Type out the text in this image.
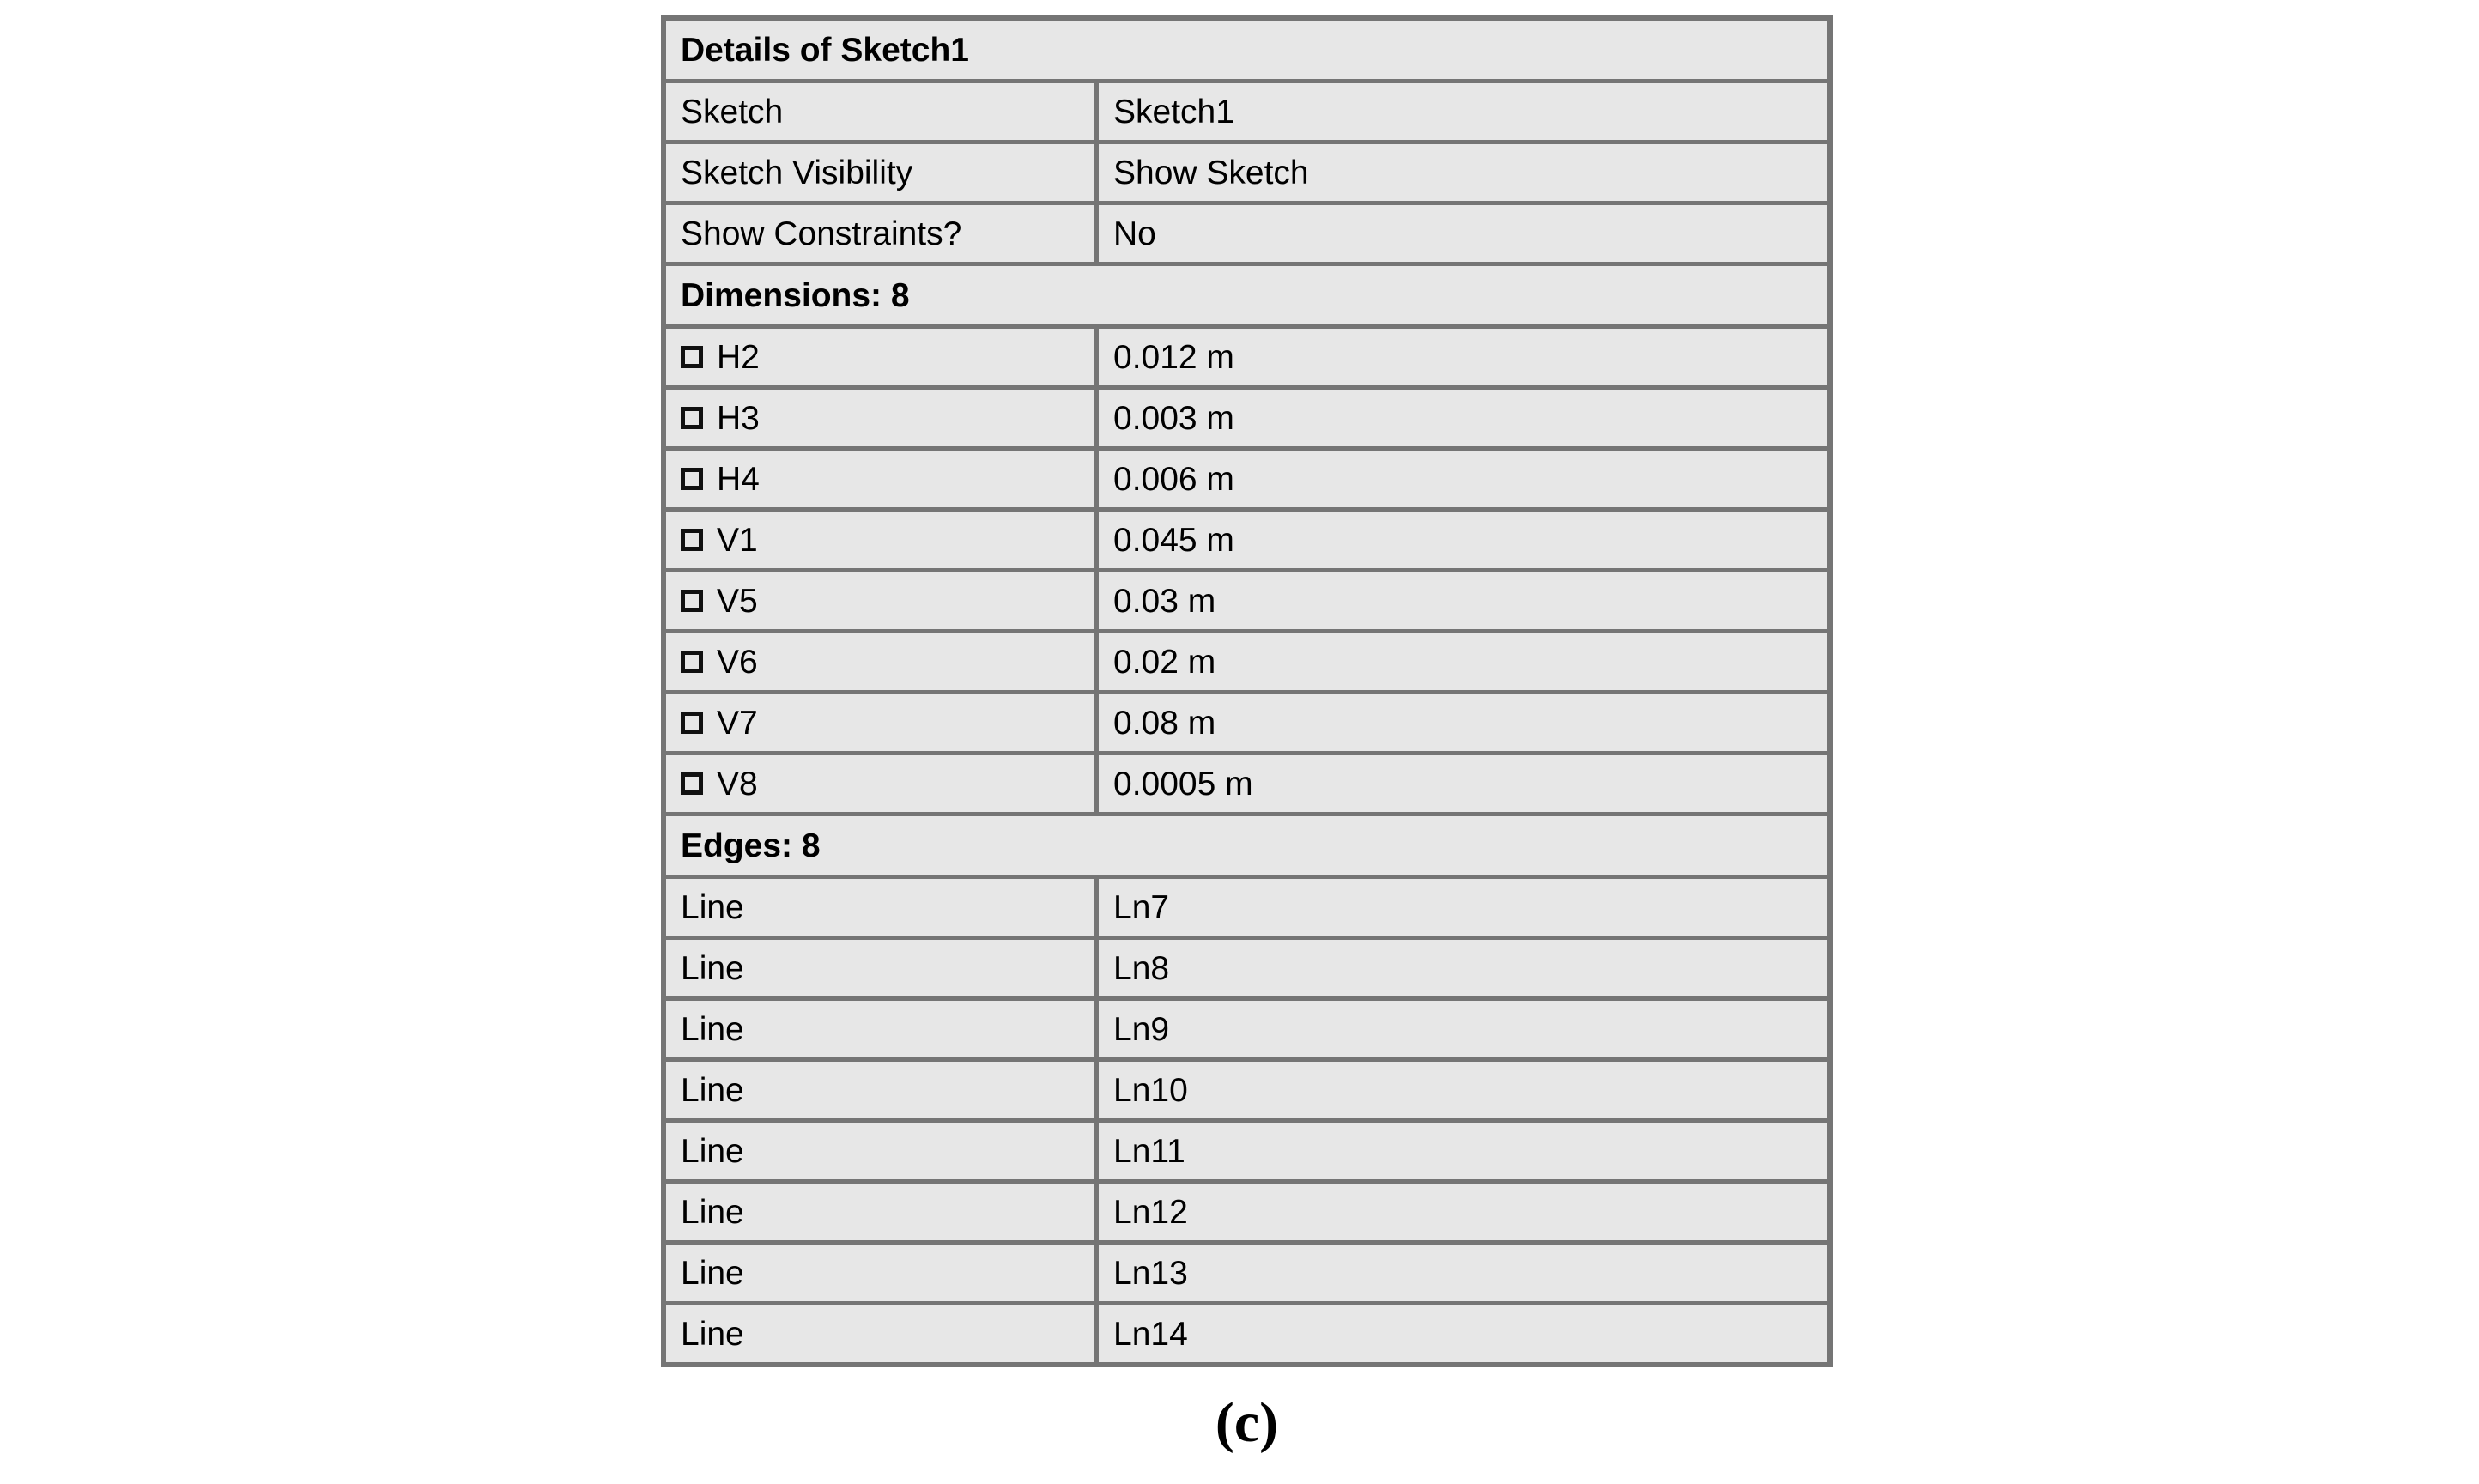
Details of Sketch1
Sketch	Sketch1
Sketch Visibility	Show Sketch
Show Constraints?	No
Dimensions: 8
H2	0.012 m
H3	0.003 m
H4	0.006 m
V1	0.045 m
V5	0.03 m
V6	0.02 m
V7	0.08 m
V8	0.0005 m
Edges: 8
Line	Ln7
Line	Ln8
Line	Ln9
Line	Ln10
Line	Ln11
Line	Ln12
Line	Ln13
Line	Ln14
(c)
